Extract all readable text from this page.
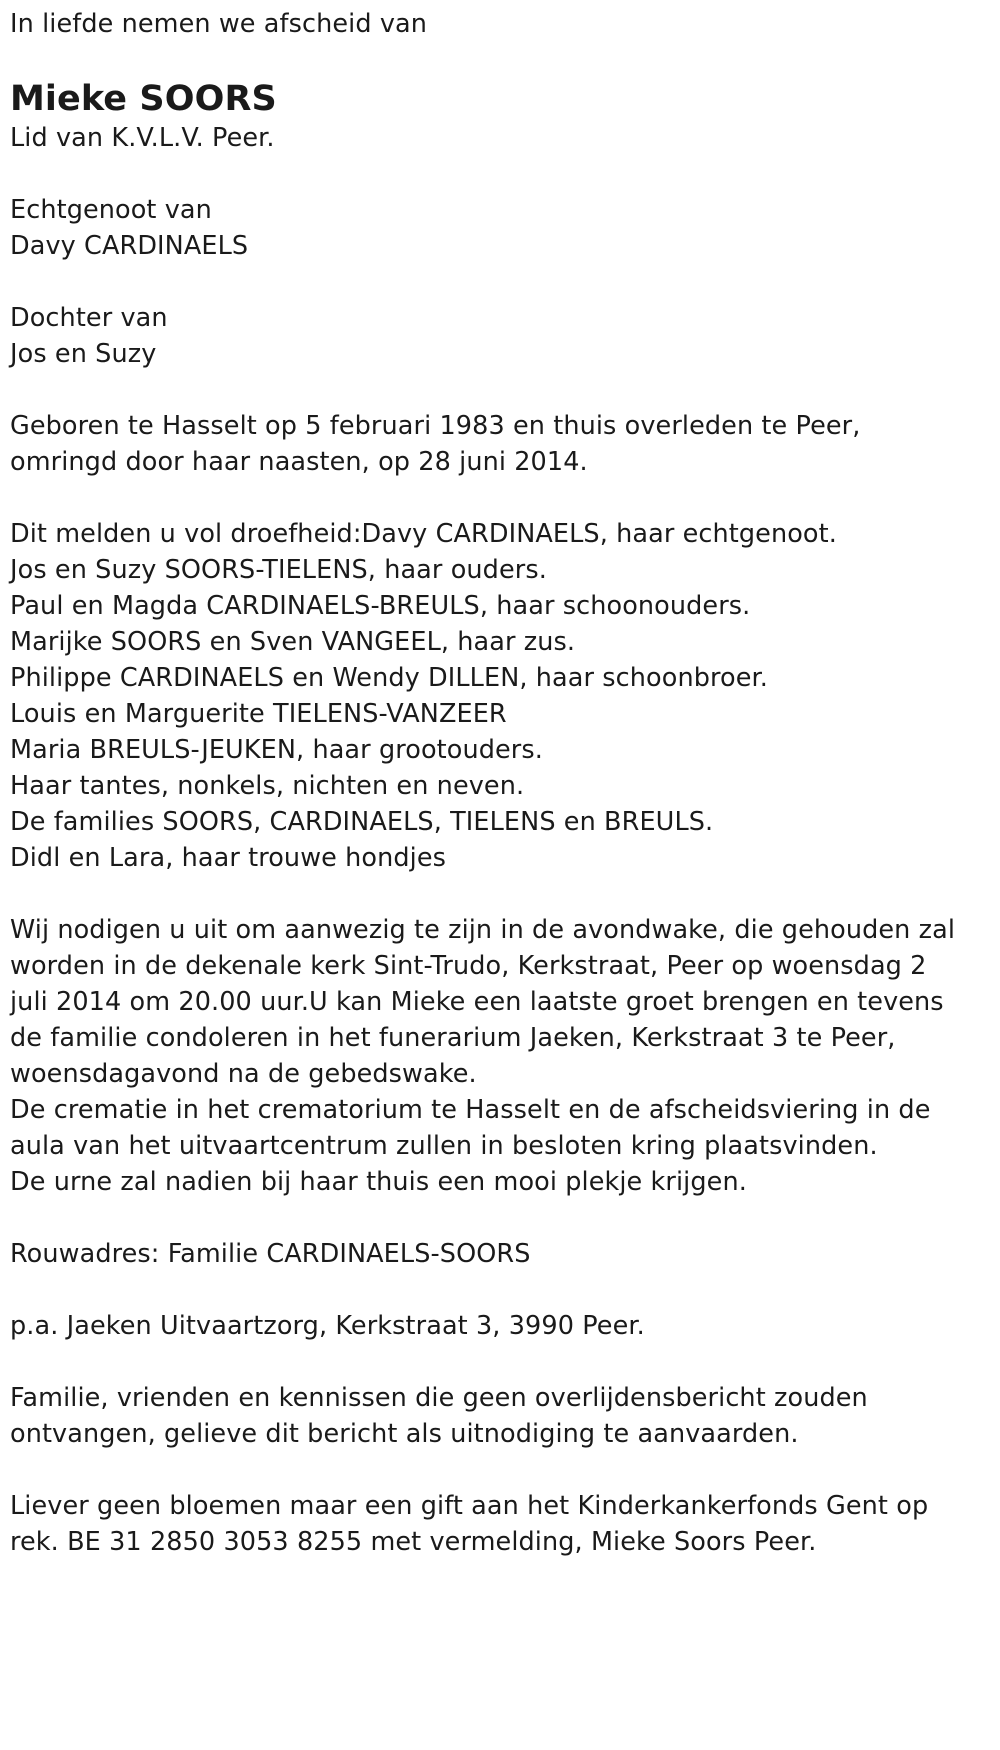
In liefde nemen we afscheid van
Mieke SOORS
Lid van K.V.L.V. Peer.
Echtgenoot van
Davy CARDINAELS
Dochter van
Jos en Suzy
Geboren te Hasselt op 5 februari 1983 en thuis overleden te Peer,
omringd door haar naasten, op 28 juni 2014.
Dit melden u vol droefheid:Davy CARDINAELS, haar echtgenoot.
Jos en Suzy SOORS-TIELENS, haar ouders.
Paul en Magda CARDINAELS-BREULS, haar schoonouders.
Marijke SOORS en Sven VANGEEL, haar zus.
Philippe CARDINAELS en Wendy DILLEN, haar schoonbroer.
Louis en Marguerite TIELENS-VANZEER
Maria BREULS-JEUKEN, haar grootouders.
Haar tantes, nonkels, nichten en neven.
De families SOORS, CARDINAELS, TIELENS en BREULS.
Didl en Lara, haar trouwe hondjes
Wij nodigen u uit om aanwezig te zijn in de avondwake, die gehouden zal
worden in de dekenale kerk Sint-Trudo, Kerkstraat, Peer op woensdag 2
juli 2014 om 20.00 uur.U kan Mieke een laatste groet brengen en tevens
de familie condoleren in het funerarium Jaeken, Kerkstraat 3 te Peer,
woensdagavond na de gebedswake.
De crematie in het crematorium te Hasselt en de afscheidsviering in de
aula van het uitvaartcentrum zullen in besloten kring plaatsvinden.
De urne zal nadien bij haar thuis een mooi plekje krijgen.
Rouwadres: Familie CARDINAELS-SOORS
p.a. Jaeken Uitvaartzorg, Kerkstraat 3, 3990 Peer.
Familie, vrienden en kennissen die geen overlijdensbericht zouden
ontvangen, gelieve dit bericht als uitnodiging te aanvaarden.
Liever geen bloemen maar een gift aan het Kinderkankerfonds Gent op
rek. BE 31 2850 3053 8255 met vermelding, Mieke Soors Peer.
